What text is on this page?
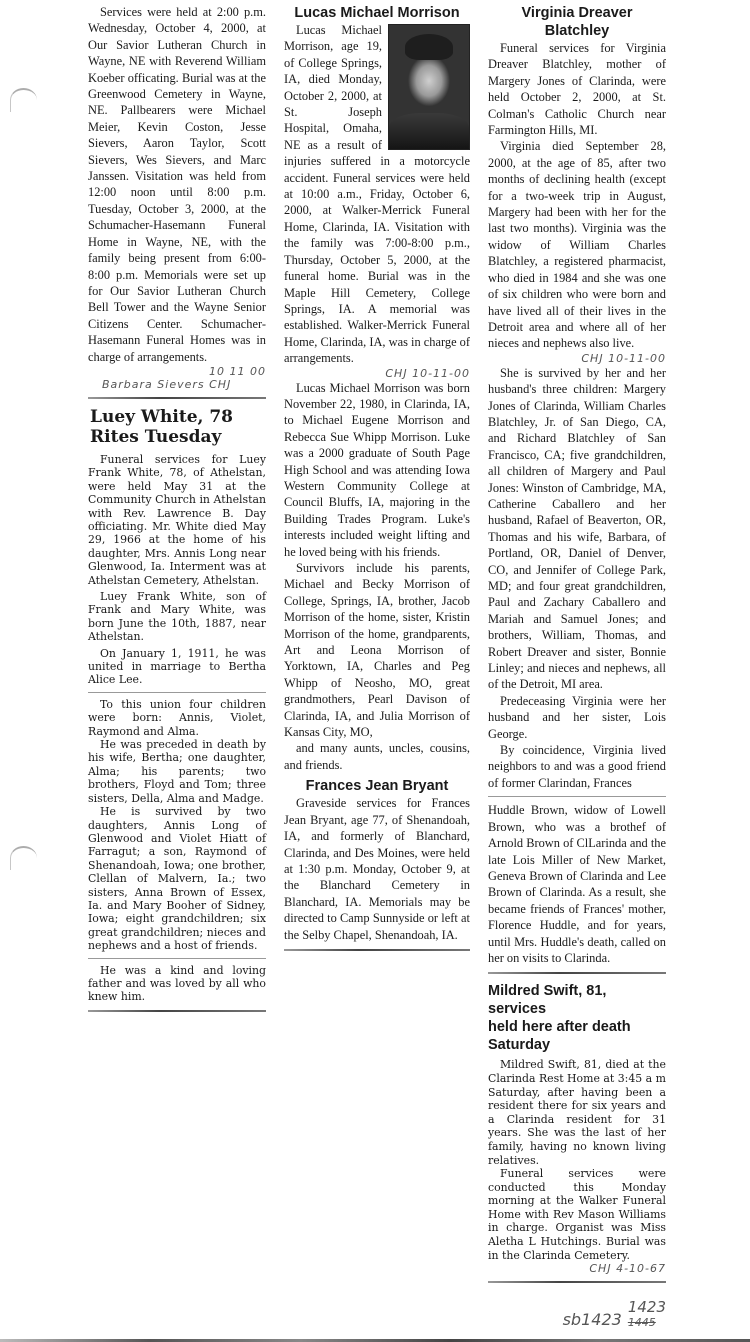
Services were held at 2:00 p.m. Wednesday, October 4, 2000, at Our Savior Lutheran Church in Wayne, NE with Reverend William Koeber officating. Burial was at the Greenwood Cemetery in Wayne, NE. Pallbearers were Michael Meier, Kevin Coston, Jesse Sievers, Aaron Taylor, Scott Sievers, Wes Sievers, and Marc Janssen. Visitation was held from 12:00 noon until 8:00 p.m. Tuesday, October 3, 2000, at the Schumacher-Hasemann Funeral Home in Wayne, NE, with the family being present from 6:00-8:00 p.m. Memorials were set up for Our Savior Lutheran Church Bell Tower and the Wayne Senior Citizens Center. Schumacher-Hasemann Funeral Homes was in charge of arrangements.

10 11 00
Barbara Sievers CHJ
Luey White, 78
Rites Tuesday

Funeral services for Luey Frank White, 78, of Athelstan, were held May 31 at the Community Church in Athelstan with Rev. Lawrence B. Day officiating. Mr. White died May 29, 1966 at the home of his daughter, Mrs. Annis Long near Glenwood, Ia. Interment was at Athelstan Cemetery, Athelstan.

Luey Frank White, son of Frank and Mary White, was born June the 10th, 1887, near Athelstan.

On January 1, 1911, he was united in marriage to Bertha Alice Lee.

To this union four children were born: Annis, Violet, Raymond and Alma.

He was preceded in death by his wife, Bertha; one daughter, Alma; his parents; two brothers, Floyd and Tom; three sisters, Della, Alma and Madge.

He is survived by two daughters, Annis Long of Glenwood and Violet Hiatt of Farragut; a son, Raymond of Shenandoah, Iowa; one brother, Clellan of Malvern, Ia.; two sisters, Anna Brown of Essex, Ia. and Mary Booher of Sidney, Iowa; eight grandchildren; six great grandchildren; nieces and nephews and a host of friends.

He was a kind and loving father and was loved by all who knew him.

Lucas Michael Morrison

Lucas Michael Morrison, age 19, of College Springs, IA, died Monday, October 2, 2000, at St. Joseph Hospital, Omaha, NE as a result of injuries suffered in a motorcycle accident. Funeral services were held at 10:00 a.m., Friday, October 6, 2000, at Walker-Merrick Funeral Home, Clarinda, IA. Visitation with the family was 7:00-8:00 p.m., Thursday, October 5, 2000, at the funeral home. Burial was in the Maple Hill Cemetery, College Springs, IA. A memorial was established. Walker-Merrick Funeral Home, Clarinda, IA, was in charge of arrangements.

CHJ 10-11-00

Lucas Michael Morrison was born November 22, 1980, in Clarinda, IA, to Michael Eugene Morrison and Rebecca Sue Whipp Morrison. Luke was a 2000 graduate of South Page High School and was attending Iowa Western Community College at Council Bluffs, IA, majoring in the Building Trades Program. Luke's interests included weight lifting and he loved being with his friends.

Survivors include his parents, Michael and Becky Morrison of College, Springs, IA, brother, Jacob Morrison of the home, sister, Kristin Morrison of the home, grandparents, Art and Leona Morrison of Yorktown, IA, Charles and Peg Whipp of Neosho, MO, great grandmothers, Pearl Davison of Clarinda, IA, and Julia Morrison of Kansas City, MO,

and many aunts, uncles, cousins, and friends.

Frances Jean Bryant

Graveside services for Frances Jean Bryant, age 77, of Shenandoah, IA, and formerly of Blanchard, Clarinda, and Des Moines, were held at 1:30 p.m. Monday, October 9, at the Blanchard Cemetery in Blanchard, IA. Memorials may be directed to Camp Sunnyside or left at the Selby Chapel, Shenandoah, IA.

Virginia Dreaver Blatchley

Funeral services for Virginia Dreaver Blatchley, mother of Margery Jones of Clarinda, were held October 2, 2000, at St. Colman's Catholic Church near Farmington Hills, MI.

Virginia died September 28, 2000, at the age of 85, after two months of declining health (except for a two-week trip in August, Margery had been with her for the last two months). Virginia was the widow of William Charles Blatchley, a registered pharmacist, who died in 1984 and she was one of six children who were born and have lived all of their lives in the Detroit area and where all of her nieces and nephews also live.

CHJ 10-11-00

She is survived by her and her husband's three children: Margery Jones of Clarinda, William Charles Blatchley, Jr. of San Diego, CA, and Richard Blatchley of San Francisco, CA; five grandchildren, all children of Margery and Paul Jones: Winston of Cambridge, MA, Catherine Caballero and her husband, Rafael of Beaverton, OR, Thomas and his wife, Barbara, of Portland, OR, Daniel of Denver, CO, and Jennifer of College Park, MD; and four great grandchildren, Paul and Zachary Caballero and Mariah and Samuel Jones; and brothers, William, Thomas, and Robert Dreaver and sister, Bonnie Linley; and nieces and nephews, all of the Detroit, MI area.

Predeceasing Virginia were her husband and her sister, Lois George.

By coincidence, Virginia lived neighbors to and was a good friend of former Clarindan, Frances

Huddle Brown, widow of Lowell Brown, who was a brothef of Arnold Brown of ClLarinda and the late Lois Miller of New Market, Geneva Brown of Clarinda and Lee Brown of Clarinda. As a result, she became friends of Frances' mother, Florence Huddle, and for years, until Mrs. Huddle's death, called on her on visits to Clarinda.

Mildred Swift, 81, services
held here after death Saturday

Mildred Swift, 81, died at the Clarinda Rest Home at 3:45 a m Saturday, after having been a resident there for six years and a Clarinda resident for 31 years. She was the last of her family, having no known living relatives.

Funeral services were conducted this Monday morning at the Walker Funeral Home with Rev Mason Williams in charge. Organist was Miss Aletha L Hutchings. Burial was in the Clarinda Cemetery.

CHJ 4-10-67
sb1423
1423
1445
